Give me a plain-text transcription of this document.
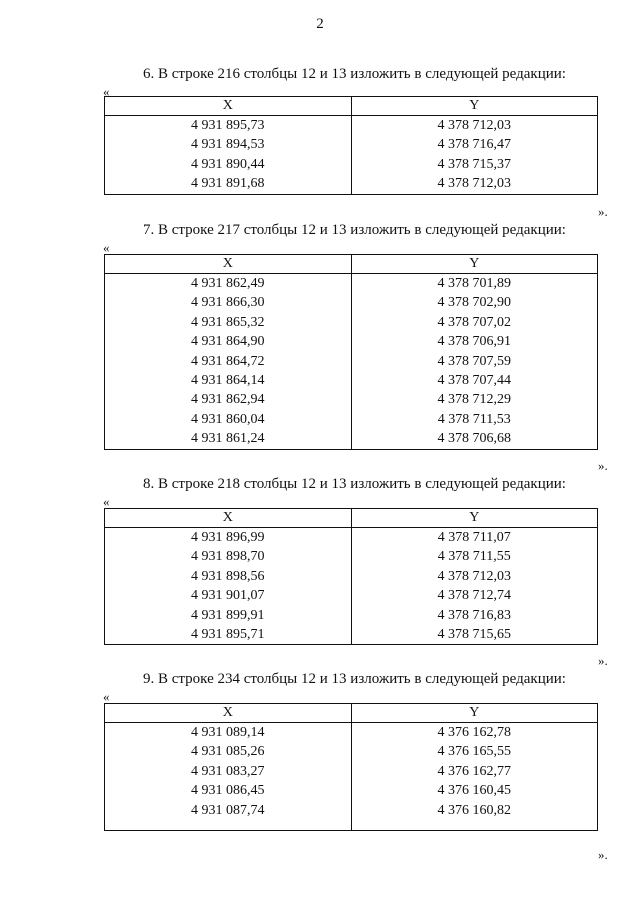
2
6. В строке 216 столбцы 12 и 13 изложить в следующей редакции:
«
X	Y
4 931 895,73	4 378 712,03
4 931 894,53	4 378 716,47
4 931 890,44	4 378 715,37
4 931 891,68	4 378 712,03
».
7. В строке 217 столбцы 12 и 13 изложить в следующей редакции:
«
X	Y
4 931 862,49	4 378 701,89
4 931 866,30	4 378 702,90
4 931 865,32	4 378 707,02
4 931 864,90	4 378 706,91
4 931 864,72	4 378 707,59
4 931 864,14	4 378 707,44
4 931 862,94	4 378 712,29
4 931 860,04	4 378 711,53
4 931 861,24	4 378 706,68
».
8. В строке 218 столбцы 12 и 13 изложить в следующей редакции:
«
X	Y
4 931 896,99	4 378 711,07
4 931 898,70	4 378 711,55
4 931 898,56	4 378 712,03
4 931 901,07	4 378 712,74
4 931 899,91	4 378 716,83
4 931 895,71	4 378 715,65
».
9. В строке 234 столбцы 12 и 13 изложить в следующей редакции:
«
X	Y
4 931 089,14	4 376 162,78
4 931 085,26	4 376 165,55
4 931 083,27	4 376 162,77
4 931 086,45	4 376 160,45
4 931 087,74	4 376 160,82

».
